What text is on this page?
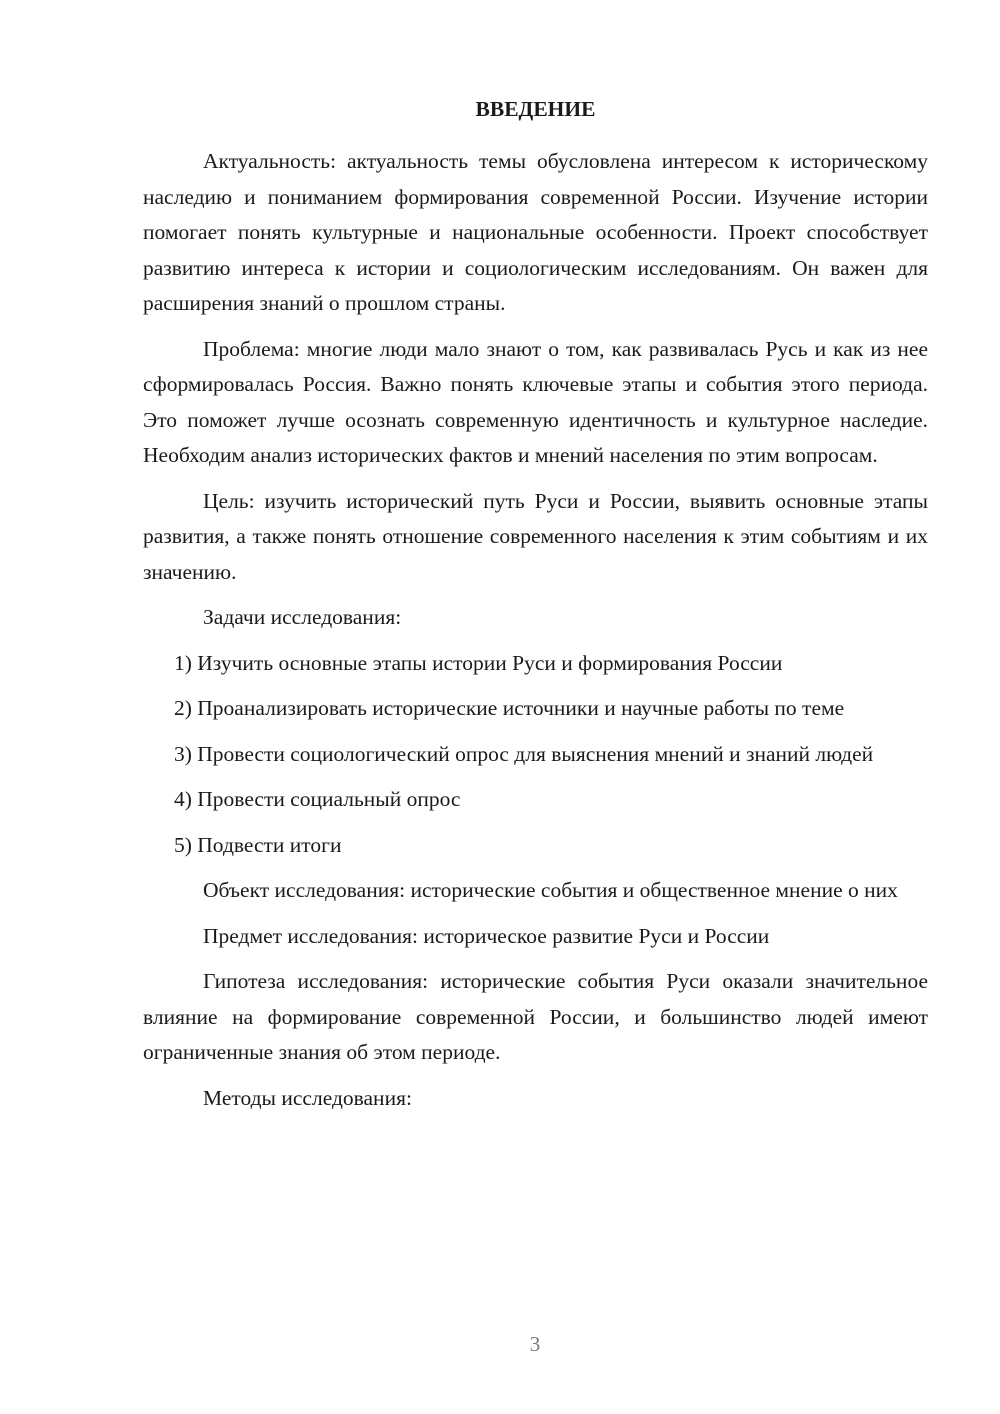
ВВЕДЕНИЕ

Актуальность: актуальность темы обусловлена интересом к историческому наследию и пониманием формирования современной России. Изучение истории помогает понять культурные и национальные особенности. Проект способствует развитию интереса к истории и социологическим исследованиям. Он важен для расширения знаний о прошлом страны.

Проблема: многие люди мало знают о том, как развивалась Русь и как из нее сформировалась Россия. Важно понять ключевые этапы и события этого периода. Это поможет лучше осознать современную идентичность и культурное наследие. Необходим анализ исторических фактов и мнений населения по этим вопросам.

Цель: изучить исторический путь Руси и России, выявить основные этапы развития, а также понять отношение современного населения к этим событиям и их значению.

Задачи исследования:

1) Изучить основные этапы истории Руси и формирования России

2) Проанализировать исторические источники и научные работы по теме

3) Провести социологический опрос для выяснения мнений и знаний людей

4) Провести социальный опрос

5) Подвести итоги

Объект исследования: исторические события и общественное мнение о них

Предмет исследования: историческое развитие Руси и России

Гипотеза исследования: исторические события Руси оказали значительное влияние на формирование современной России, и большинство людей имеют ограниченные знания об этом периоде.

Методы исследования:

3
